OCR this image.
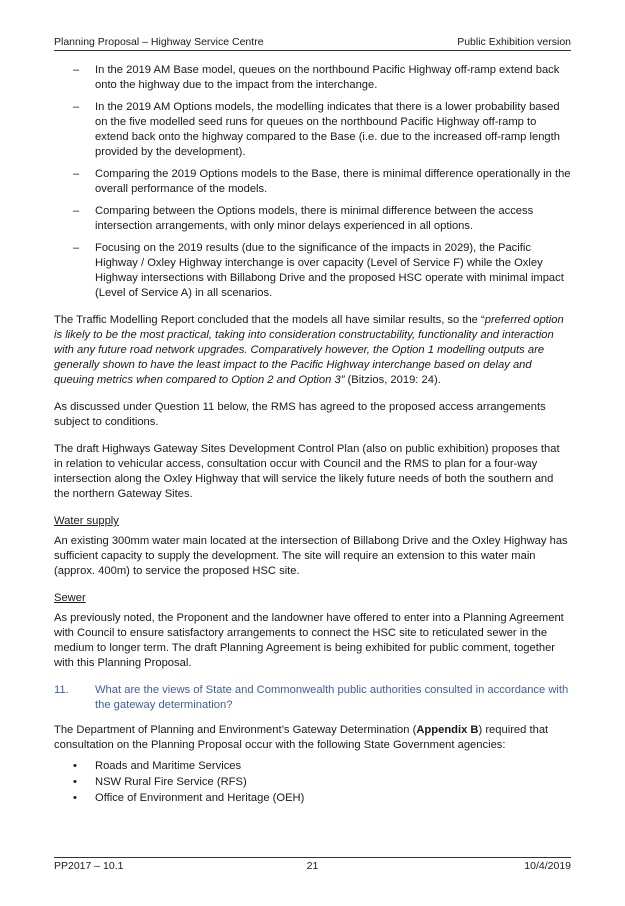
Planning Proposal – Highway Service Centre	Public Exhibition version
– In the 2019 AM Base model, queues on the northbound Pacific Highway off-ramp extend back onto the highway due to the impact from the interchange.
– In the 2019 AM Options models, the modelling indicates that there is a lower probability based on the five modelled seed runs for queues on the northbound Pacific Highway off-ramp to extend back onto the highway compared to the Base (i.e. due to the increased off-ramp length provided by the development).
– Comparing the 2019 Options models to the Base, there is minimal difference operationally in the overall performance of the models.
– Comparing between the Options models, there is minimal difference between the access intersection arrangements, with only minor delays experienced in all options.
– Focusing on the 2019 results (due to the significance of the impacts in 2029), the Pacific Highway / Oxley Highway interchange is over capacity (Level of Service F) while the Oxley Highway intersections with Billabong Drive and the proposed HSC operate with minimal impact (Level of Service A) in all scenarios.

The Traffic Modelling Report concluded that the models all have similar results, so the “preferred option is likely to be the most practical, taking into consideration constructability, functionality and interaction with any future road network upgrades. Comparatively however, the Option 1 modelling outputs are generally shown to have the least impact to the Pacific Highway interchange based on delay and queuing metrics when compared to Option 2 and Option 3” (Bitzios, 2019: 24).

As discussed under Question 11 below, the RMS has agreed to the proposed access arrangements subject to conditions.

The draft Highways Gateway Sites Development Control Plan (also on public exhibition) proposes that in relation to vehicular access, consultation occur with Council and the RMS to plan for a four-way intersection along the Oxley Highway that will service the likely future needs of both the southern and the northern Gateway Sites.

Water supply

An existing 300mm water main located at the intersection of Billabong Drive and the Oxley Highway has sufficient capacity to supply the development. The site will require an extension to this water main (approx. 400m) to service the proposed HSC site.

Sewer

As previously noted, the Proponent and the landowner have offered to enter into a Planning Agreement with Council to ensure satisfactory arrangements to connect the HSC site to reticulated sewer in the medium to longer term. The draft Planning Agreement is being exhibited for public comment, together with this Planning Proposal.

11. What are the views of State and Commonwealth public authorities consulted in accordance with the gateway determination?

The Department of Planning and Environment’s Gateway Determination (Appendix B) required that consultation on the Planning Proposal occur with the following State Government agencies:

• Roads and Maritime Services
• NSW Rural Fire Service (RFS)
• Office of Environment and Heritage (OEH)
PP2017 – 10.1	21	10/4/2019
